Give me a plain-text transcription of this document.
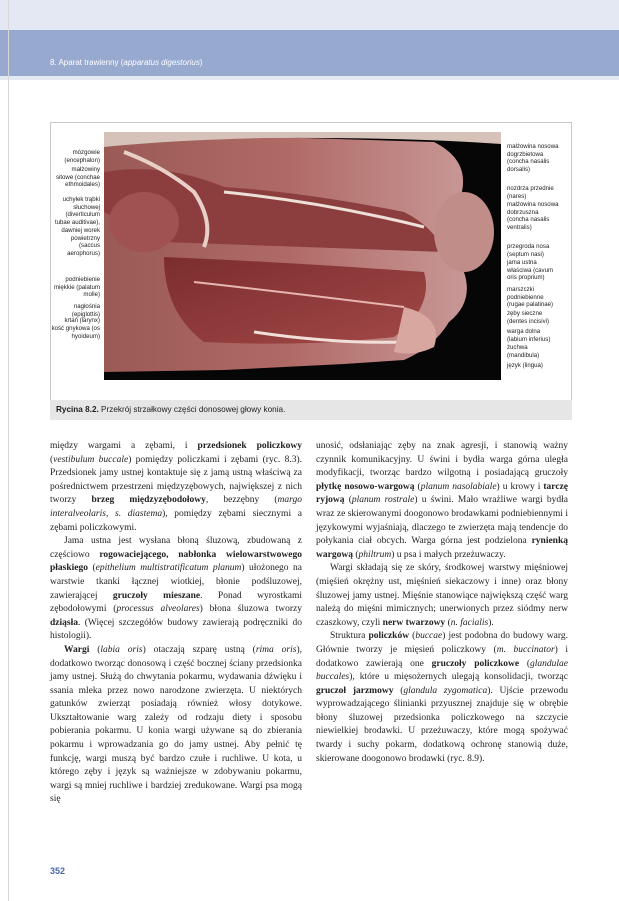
8. Aparat trawienny (apparatus digestorius)
mózgowie
(encephalon)
małżowiny
sitowe (conchae
ethmoidales)
uchyłek trąbki
słuchowej
(diverticulum
tubae auditivae),
dawniej worek
powietrzny
(saccus
aerophorus)
podniebienie
miękkie (palatum
molle)
nagłośnia
(epiglottis)
krtań (larynx)
kość gnykowa (os
hyoideum)
małżowina nosowa
dogrzbietowa
(concha nasalis
dorsalis)
nozdrza przednie
(nares)
małżowina nosowa
dobrzuszna
(concha nasalis
ventralis)
przegroda nosa
(septum nasi)
jama ustna
właściwa (cavum
oris proprium)
marszczki
podniebienne
(rugae palatinae)
zęby sieczne
(dentes incisivi)
warga dolna
(labium inferius)
żuchwa
(mandibula)
język (lingua)
Rycina 8.2. Przekrój strzałkowy części donosowej głowy konia.

między wargami a zębami, i przedsionek policzkowy (vestibulum buccale) pomiędzy policzkami i zębami (ryc. 8.3). Przedsionek jamy ustnej kontaktuje się z jamą ustną właściwą za pośrednictwem przestrzeni międzyzębowych, największej z nich tworzy brzeg międzyzębodołowy, bezzębny (margo interalveolaris, s. diastema), pomiędzy zębami siecznymi a zębami policzkowymi.

Jama ustna jest wysłana błoną śluzową, zbudowaną z częściowo rogowaciejącego, nabłonka wielowarstwowego płaskiego (epithelium multistratificatum planum) ułożonego na warstwie tkanki łącznej wiotkiej, błonie podśluzowej, zawierającej gruczoły mieszane. Ponad wyrostkami zębodołowymi (processus alveolares) błona śluzowa tworzy dziąsła. (Więcej szczegółów budowy zawierają podręczniki do histologii).

Wargi (labia oris) otaczają szparę ustną (rima oris), dodatkowo tworząc donosową i część bocznej ściany przedsionka jamy ustnej. Służą do chwytania pokarmu, wydawania dźwięku i ssania mleka przez nowo narodzone zwierzęta. U niektórych gatunków zwierząt posiadają również włosy dotykowe. Ukształtowanie warg zależy od rodzaju diety i sposobu pobierania pokarmu. U konia wargi używane są do zbierania pokarmu i wprowadzania go do jamy ustnej. Aby pełnić tę funkcję, wargi muszą być bardzo czułe i ruchliwe. U kota, u którego zęby i język są ważniejsze w zdobywaniu pokarmu, wargi są mniej ruchliwe i bardziej zredukowane. Wargi psa mogą się

unosić, odsłaniając zęby na znak agresji, i stanowią ważny czynnik komunikacyjny. U świni i bydła warga górna uległa modyfikacji, tworząc bardzo wilgotną i posiadającą gruczoły płytkę nosowo-wargową (planum nasolabiale) u krowy i tarczę ryjową (planum rostrale) u świni. Mało wrażliwe wargi bydła wraz ze skierowanymi doogonowo brodawkami podniebiennymi i językowymi wyjaśniają, dlaczego te zwierzęta mają tendencje do połykania ciał obcych. Warga górna jest podzielona rynienką wargową (philtrum) u psa i małych przeżuwaczy.

Wargi składają się ze skóry, środkowej warstwy mięśniowej (mięśień okrężny ust, mięśnień siekaczowy i inne) oraz błony śluzowej jamy ustnej. Mięśnie stanowiące największą część warg należą do mięśni mimicznych; unerwionych przez siódmy nerw czaszkowy, czyli nerw twarzowy (n. facialis).

Struktura policzków (buccae) jest podobna do budowy warg. Głównie tworzy je mięsień policzkowy (m. buccinator) i dodatkowo zawierają one gruczoły policzkowe (glandulae buccales), które u mięsożernych ulegają konsolidacji, tworząc gruczoł jarzmowy (glandula zygomatica). Ujście przewodu wyprowadzającego ślinianki przyusznej znajduje się w obrębie błony śluzowej przedsionka policzkowego na szczycie niewielkiej brodawki. U przeżuwaczy, które mogą spożywać twardy i suchy pokarm, dodatkową ochronę stanowią duże, skierowane doogonowo brodawki (ryc. 8.9).

352
